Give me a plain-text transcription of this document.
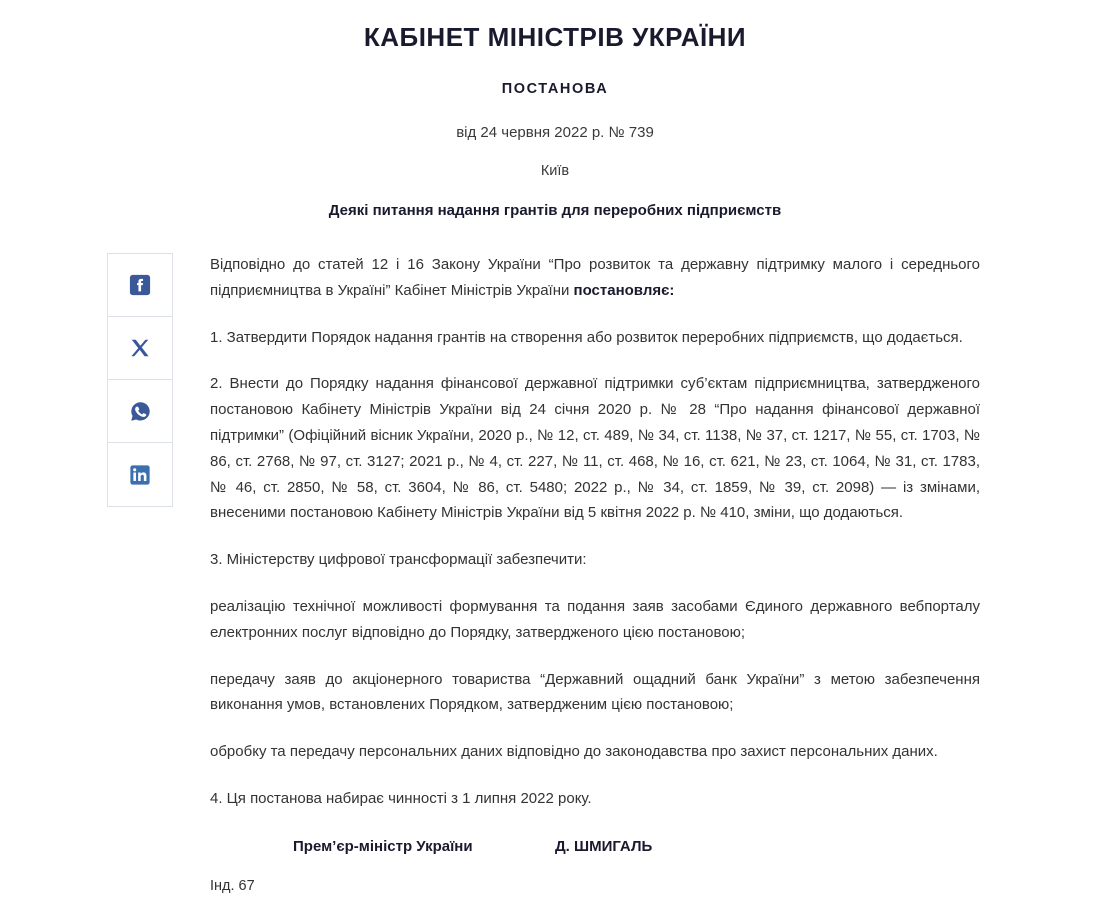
КАБІНЕТ МІНІСТРІВ УКРАЇНИ

ПОСТАНОВА

від 24 червня 2022 р. № 739

Київ

Деякі питання надання грантів для переробних підприємств

Відповідно до статей 12 і 16 Закону України “Про розвиток та державну підтримку малого і середнього підприємництва в Україні” Кабінет Міністрів України постановляє:

1. Затвердити Порядок надання грантів на створення або розвиток переробних підприємств, що додається.

2. Внести до Порядку надання фінансової державної підтримки суб’єктам підприємництва, затвердженого постановою Кабінету Міністрів України від 24 січня 2020 р. № 28 “Про надання фінансової державної підтримки” (Офіційний вісник України, 2020 р., № 12, ст. 489, № 34, ст. 1138, № 37, ст. 1217, № 55, ст. 1703, № 86, ст. 2768, № 97, ст. 3127; 2021 р., № 4, ст. 227, № 11, ст. 468, № 16, ст. 621, № 23, ст. 1064, № 31, ст. 1783, № 46, ст. 2850, № 58, ст. 3604, № 86, ст. 5480; 2022 р., № 34, ст. 1859, № 39, ст. 2098) — із змінами, внесеними постановою Кабінету Міністрів України від 5 квітня 2022 р. № 410, зміни, що додаються.

3. Міністерству цифрової трансформації забезпечити:

реалізацію технічної можливості формування та подання заяв засобами Єдиного державного вебпорталу електронних послуг відповідно до Порядку, затвердженого цією постановою;

передачу заяв до акціонерного товариства “Державний ощадний банк України” з метою забезпечення виконання умов, встановлених Порядком, затвердженим цією постановою;

обробку та передачу персональних даних відповідно до законодавства про захист персональних даних.

4. Ця постанова набирає чинності з 1 липня 2022 року.

Прем’єр-міністр України	Д. ШМИГАЛЬ
Інд. 67
